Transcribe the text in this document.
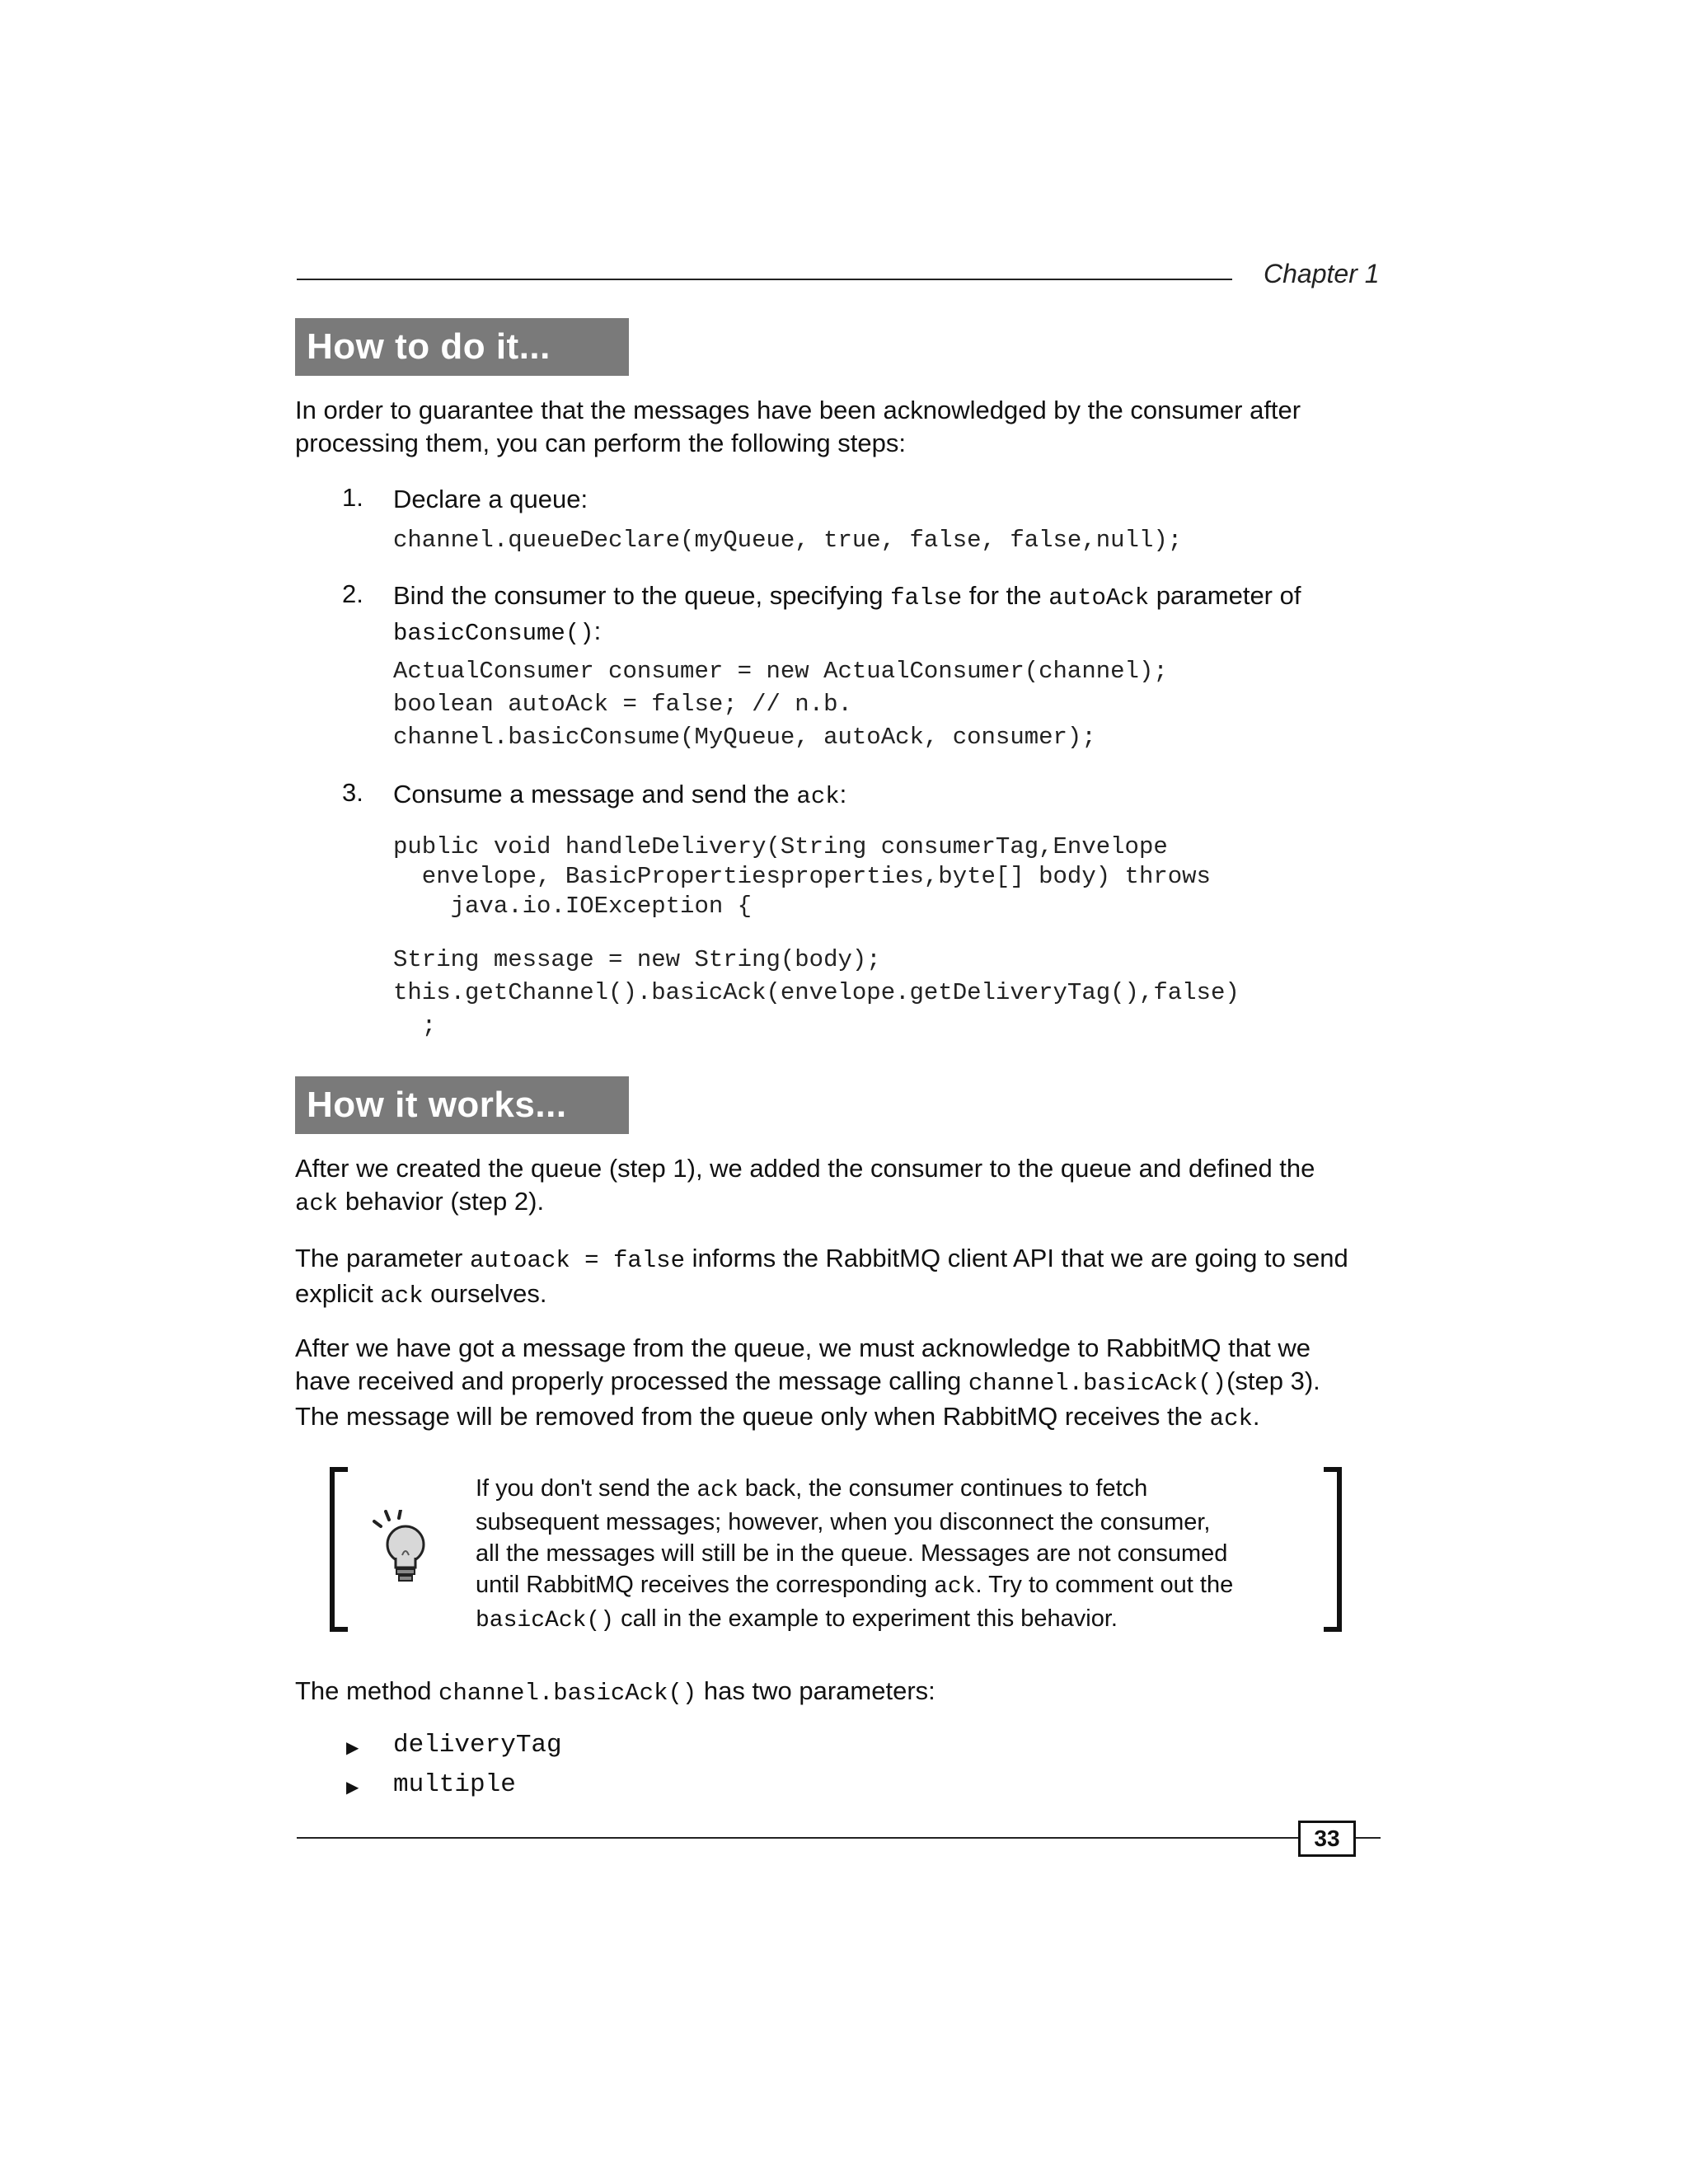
Chapter 1
How to do it...
In order to guarantee that the messages have been acknowledged by the consumer after
processing them, you can perform the following steps:
1. Declare a queue:
channel.queueDeclare(myQueue, true, false, false,null);
2. Bind the consumer to the queue, specifying false for the autoAck parameter of
basicConsume():
ActualConsumer consumer = new ActualConsumer(channel);
boolean autoAck = false; // n.b.
channel.basicConsume(MyQueue, autoAck, consumer);
3. Consume a message and send the ack:
public void handleDelivery(String consumerTag,Envelope
envelope, BasicPropertiesproperties,byte[] body) throws
java.io.IOException {
String message = new String(body);
this.getChannel().basicAck(envelope.getDeliveryTag(),false)
;
How it works...
After we created the queue (step 1), we added the consumer to the queue and defined the
ack behavior (step 2).
The parameter autoack = false informs the RabbitMQ client API that we are going to send
explicit ack ourselves.
After we have got a message from the queue, we must acknowledge to RabbitMQ that we
have received and properly processed the message calling channel.basicAck()(step 3).
The message will be removed from the queue only when RabbitMQ receives the ack.
If you don't send the ack back, the consumer continues to fetch
subsequent messages; however, when you disconnect the consumer,
all the messages will still be in the queue. Messages are not consumed
until RabbitMQ receives the corresponding ack. Try to comment out the
basicAck() call in the example to experiment this behavior.
The method channel.basicAck() has two parameters:
▶ deliveryTag
▶ multiple
33
